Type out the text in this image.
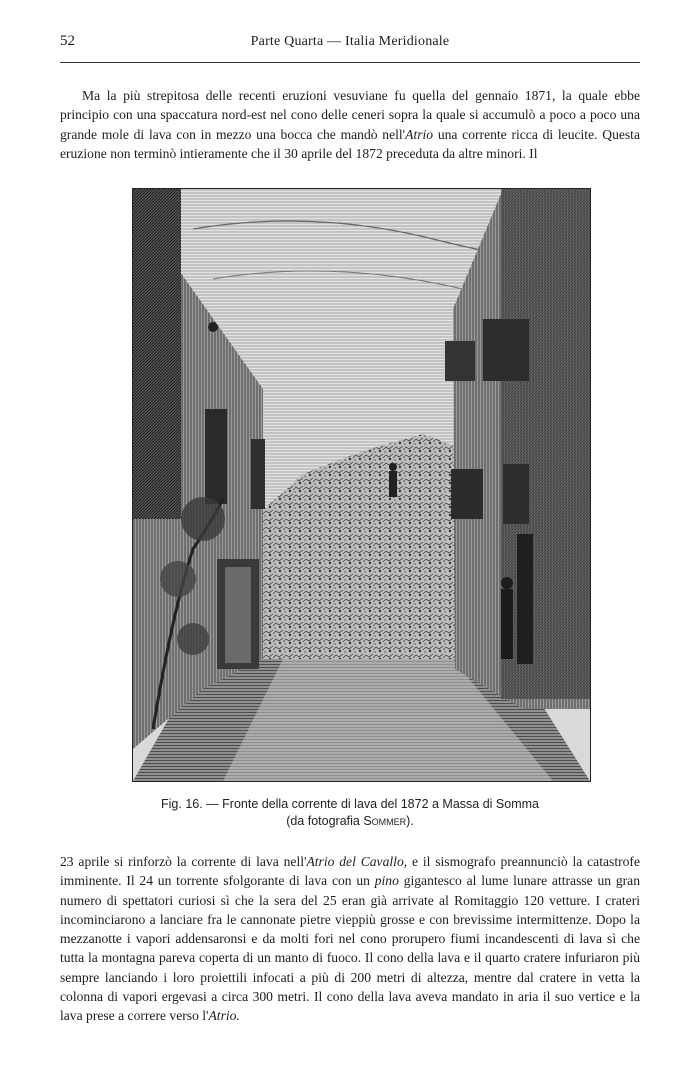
52	Parte Quarta — Italia Meridionale

Ma la più strepitosa delle recenti eruzioni vesuviane fu quella del gennaio 1871, la quale ebbe principio con una spaccatura nord-est nel cono delle ceneri sopra la quale si accumulò a poco a poco una grande mole di lava con in mezzo una bocca che mandò nell'Atrio una corrente ricca di leucite. Questa eruzione non terminò intieramente che il 30 aprile del 1872 preceduta da altre minori. Il

Fig. 16. — Fronte della corrente di lava del 1872 a Massa di Somma
(da fotografia Sommer).

23 aprile si rinforzò la corrente di lava nell'Atrio del Cavallo, e il sismografo preannunciò la catastrofe imminente. Il 24 un torrente sfolgorante di lava con un pino gigantesco al lume lunare attrasse un gran numero di spettatori curiosi sì che la sera del 25 eran già arrivate al Romitaggio 120 vetture. I crateri incominciarono a lanciare fra le cannonate pietre vieppiù grosse e con brevissime intermittenze. Dopo la mezzanotte i vapori addensaronsi e da molti fori nel cono prorupero fiumi incandescenti di lava sì che tutta la montagna pareva coperta di un manto di fuoco. Il cono della lava e il quarto cratere infuriaron più sempre lanciando i loro proiettili infocati a più di 200 metri di altezza, mentre dal cratere in vetta la colonna di vapori ergevasi a circa 300 metri. Il cono della lava aveva mandato in aria il suo vertice e la lava prese a correre verso l'Atrio.
